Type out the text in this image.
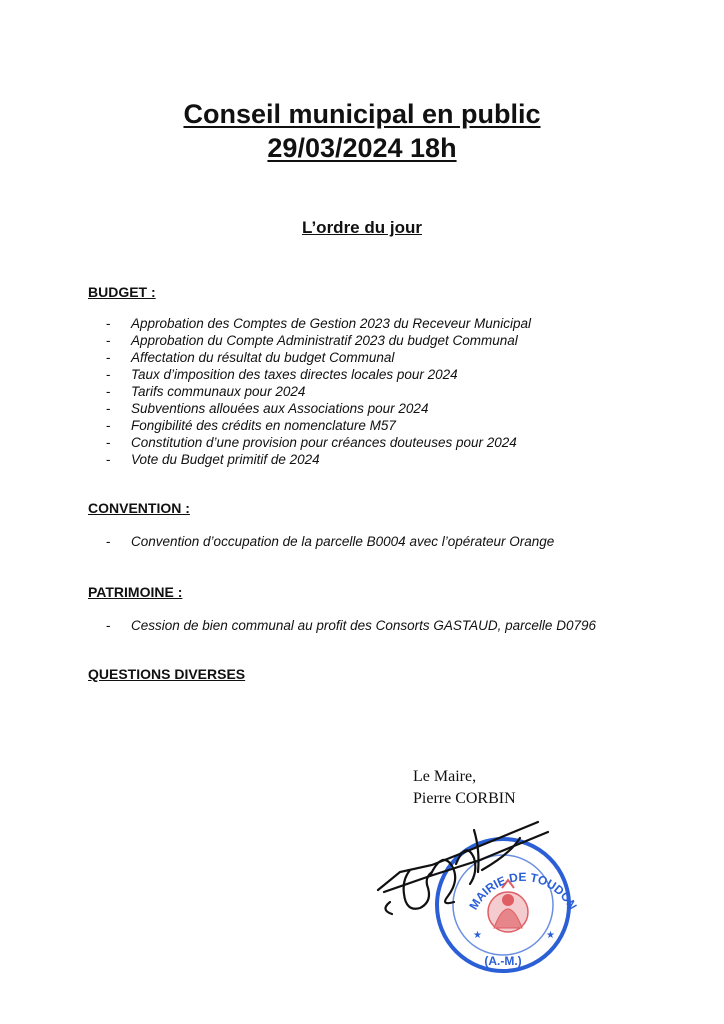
Conseil municipal en public
29/03/2024 18h
L’ordre du jour
BUDGET :
- Approbation des Comptes de Gestion 2023 du Receveur Municipal
- Approbation du Compte Administratif 2023 du budget Communal
- Affectation du résultat du budget Communal
- Taux d’imposition des taxes directes locales pour 2024
- Tarifs communaux pour 2024
- Subventions allouées aux Associations pour 2024
- Fongibilité des crédits en nomenclature M57
- Constitution d’une provision pour créances douteuses pour 2024
- Vote du Budget primitif de 2024
CONVENTION :
- Convention d’occupation de la parcelle B0004 avec l’opérateur Orange
PATRIMOINE :
- Cession de bien communal au profit des Consorts GASTAUD, parcelle D0796
QUESTIONS DIVERSES
Le Maire,
Pierre CORBIN
MAIRIE DE TOUDON
(A.-M.)
★	★
